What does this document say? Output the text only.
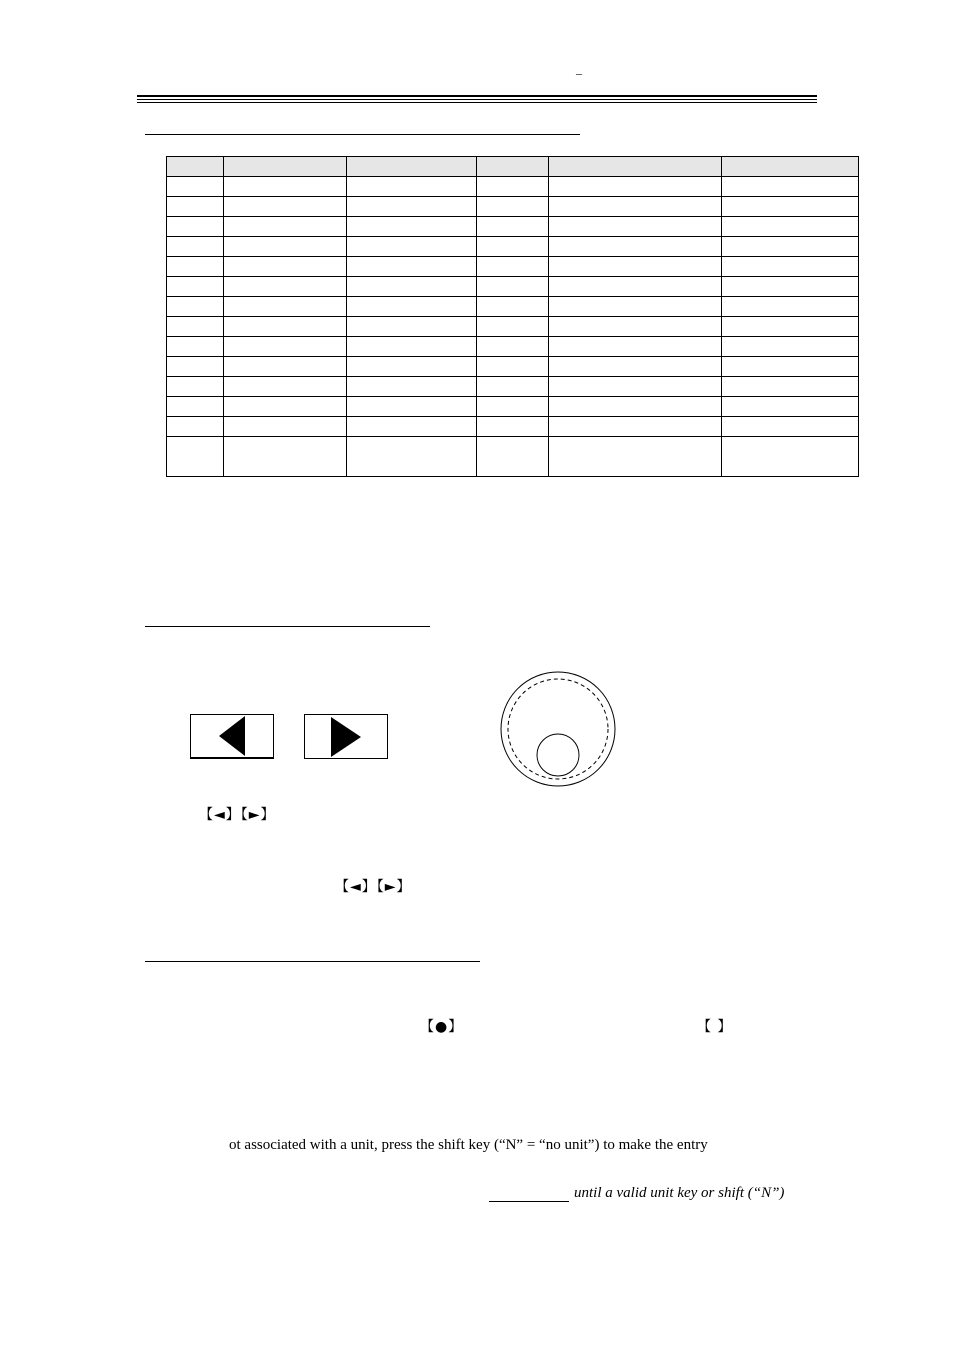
–

【◄】【►】
【◄】【►】
【●】	【 】
ot associated with a unit, press the shift key (“N” = “no unit”) to make the entry
until a valid unit key or shift (“N”)
